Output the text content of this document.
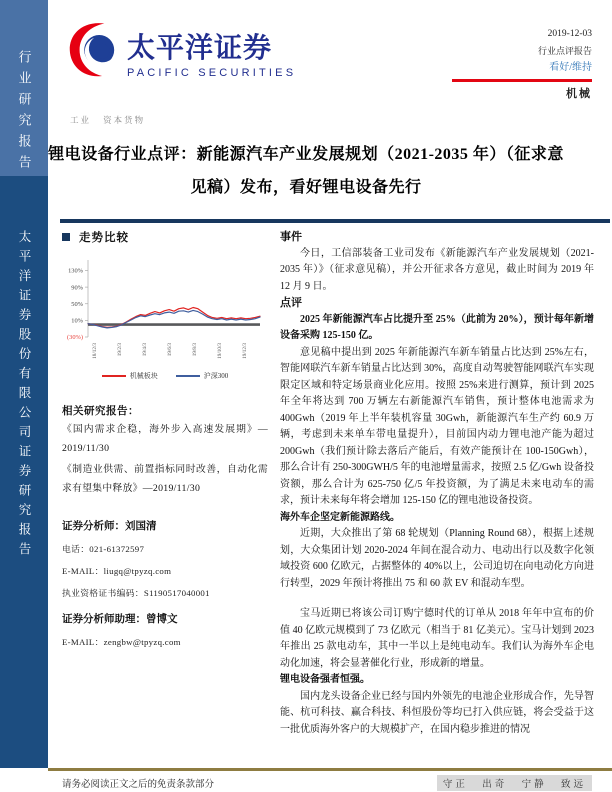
行业研究报告
太平洋证券股份有限公司证券研究报告
太平洋证券
PACIFIC SECURITIES
2019-12-03
行业点评报告
看好/维持
机械
工业 资本货物
锂电设备行业点评：新能源汽车产业发展规划（2021-2035 年）（征求意见稿）发布，看好锂电设备先行
走势比较
130%
90%
50%
10%
(30%)
18/12/3	19/2/3	19/4/3	19/6/3	19/8/3	19/10/3	19/12/3
机械板块	沪深300
相关研究报告：
《国内需求企稳，海外步入高速发展期》—2019/11/30
《制造业供需、前置指标同时改善，自动化需求有望集中释放》—2019/11/30
证券分析师：刘国清
电话：021-61372597
E-MAIL：liugq@tpyzq.com
执业资格证书编码：S1190517040001
证券分析师助理：曾博文
E-MAIL：zengbw@tpyzq.com
事件

今日，工信部装备工业司发布《新能源汽车产业发展规划（2021-2035 年）》（征求意见稿），并公开征求各方意见，截止时间为 2019 年 12 月 9 日。

点评

2025 年新能源汽车占比提升至 25%（此前为 20%），预计每年新增设备采购 125-150 亿。

意见稿中提出到 2025 年新能源汽车新车销量占比达到 25%左右，智能网联汽车新车销量占比达到 30%，高度自动驾驶智能网联汽车实现限定区域和特定场景商业化应用。按照 25%来进行测算，预计到 2025 年全年将达到 700 万辆左右新能源汽车销售，预计整体电池需求为 400Gwh（2019 年上半年装机容量 30Gwh，新能源汽车生产约 60.9 万辆，考虑到未来单车带电量提升），目前国内动力锂电池产能为超过 200Gwh（我们预计除去落后产能后，有效产能预计在 100-150Gwh），那么合计有 250-300GWH/5 年的电池增量需求，按照 2.5 亿/Gwh 设备投资额，那么合计为 625-750 亿/5 年投资额，为了满足未来电动车的需求，预计未来每年将会增加 125-150 亿的锂电池设备投资。

海外车企坚定新能源路线。

近期，大众推出了第 68 轮规划（Planning Round 68），根据上述规划，大众集团计划 2020-2024 年间在混合动力、电动出行以及数字化领域投资 600 亿欧元，占据整体的 40%以上，公司迫切在向电动化方向进行转型，2029 年预计将推出 75 和 60 款 EV 和混动车型。

宝马近期已将该公司订购宁德时代的订单从 2018 年年中宣布的价值 40 亿欧元规模到了 73 亿欧元（相当于 81 亿美元）。宝马计划到 2023 年推出 25 款电动车，其中一半以上是纯电动车。我们认为海外车企电动化加速，将会显著催化行业，形成新的增量。

锂电设备强者恒强。

国内龙头设备企业已经与国内外领先的电池企业形成合作，先导智能、杭可科技、赢合科技、科恒股份等均已打入供应链，将会受益于这一批优质海外客户的大规模扩产，在国内稳步推进的情况

请务必阅读正文之后的免责条款部分	守正 出奇 宁静 致远
